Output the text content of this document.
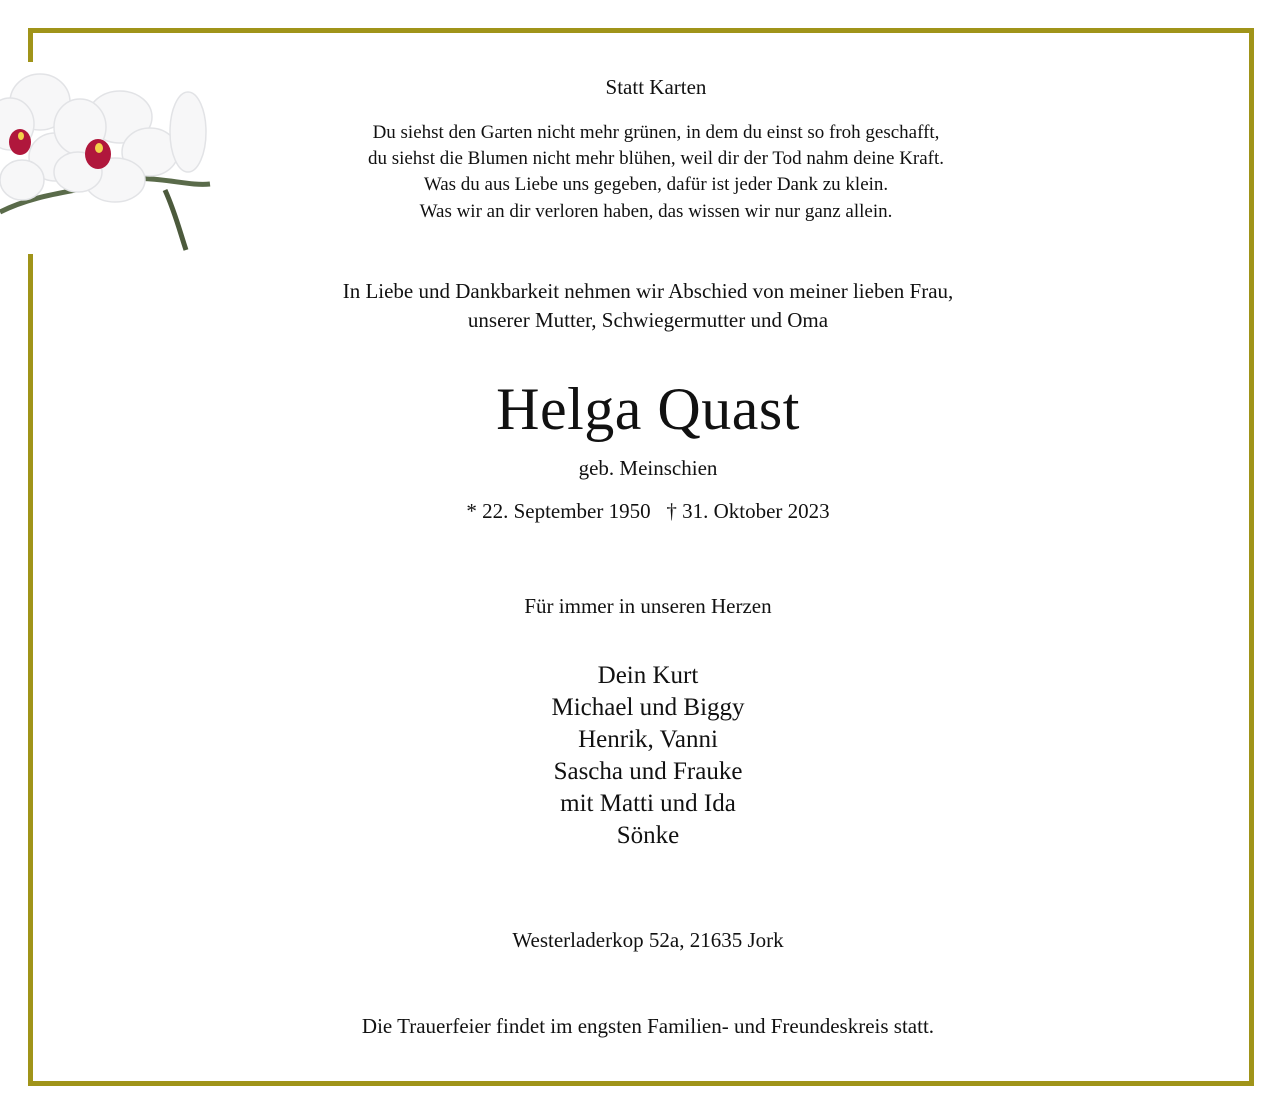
Statt Karten
Du siehst den Garten nicht mehr grünen, in dem du einst so froh geschafft,
du siehst die Blumen nicht mehr blühen, weil dir der Tod nahm deine Kraft.
Was du aus Liebe uns gegeben, dafür ist jeder Dank zu klein.
Was wir an dir verloren haben, das wissen wir nur ganz allein.
In Liebe und Dankbarkeit nehmen wir Abschied von meiner lieben Frau,
unserer Mutter, Schwiegermutter und Oma
Helga Quast
geb. Meinschien
* 22. September 1950   † 31. Oktober 2023
Für immer in unseren Herzen
Dein Kurt
Michael und Biggy
Henrik, Vanni
Sascha und Frauke
mit Matti und Ida
Sönke
Westerladerkop 52a, 21635 Jork
Die Trauerfeier findet im engsten Familien- und Freundeskreis statt.
